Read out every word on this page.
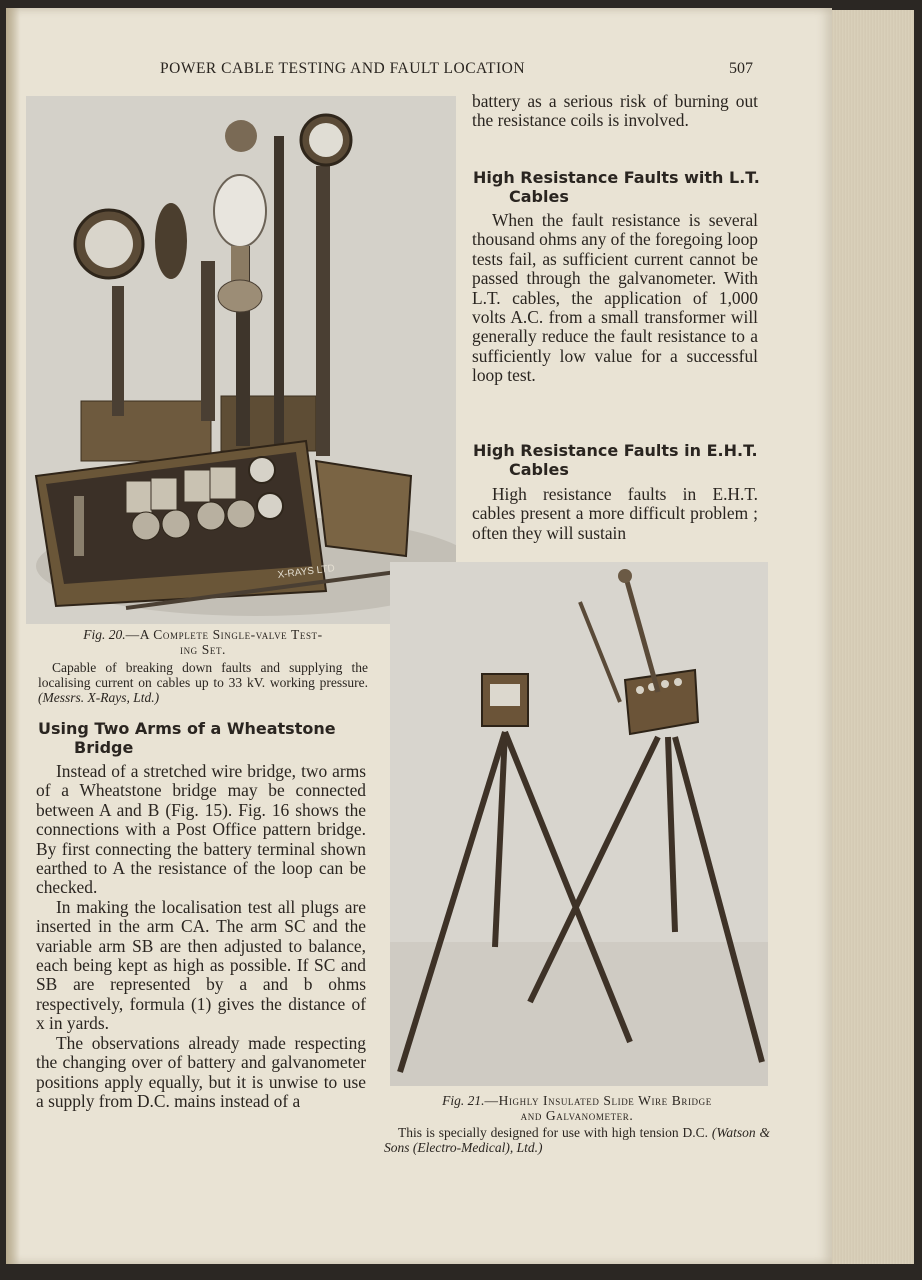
POWER CABLE TESTING AND FAULT LOCATION	507
X-RAYS LTD

battery as a serious risk of burning out the resistance coils is involved.

High Resistance Faults with L.T.
Cables

When the fault resistance is several thousand ohms any of the foregoing loop tests fail, as sufficient current cannot be passed through the galvanometer. With L.T. cables, the application of 1,000 volts A.C. from a small transformer will generally reduce the fault resistance to a sufficiently low value for a successful loop test.

High Resistance Faults in E.H.T.
Cables

High resistance faults in E.H.T. cables present a more difficult problem ; often they will sustain

Fig. 20.—A Complete Single-valve Test-
ing Set.
Capable of breaking down faults and supplying the localising current on cables up to 33 kV. working pressure. (Messrs. X-Rays, Ltd.)
Using Two Arms of a Wheatstone
Bridge

Instead of a stretched wire bridge, two arms of a Wheatstone bridge may be connected between A and B (Fig. 15). Fig. 16 shows the connections with a Post Office pattern bridge. By first connecting the battery terminal shown earthed to A the resistance of the loop can be checked.

In making the localisation test all plugs are inserted in the arm CA. The arm SC and the variable arm SB are then adjusted to balance, each being kept as high as possible. If SC and SB are represented by a and b ohms respectively, formula (1) gives the distance of x in yards.

The observations already made respecting the changing over of battery and galvanometer positions apply equally, but it is unwise to use a supply from D.C. mains instead of a	Fig. 21.—Highly Insulated Slide Wire Bridge
and Galvanometer.
This is specially designed for use with high tension D.C. (Watson & Sons (Electro-Medical), Ltd.)
